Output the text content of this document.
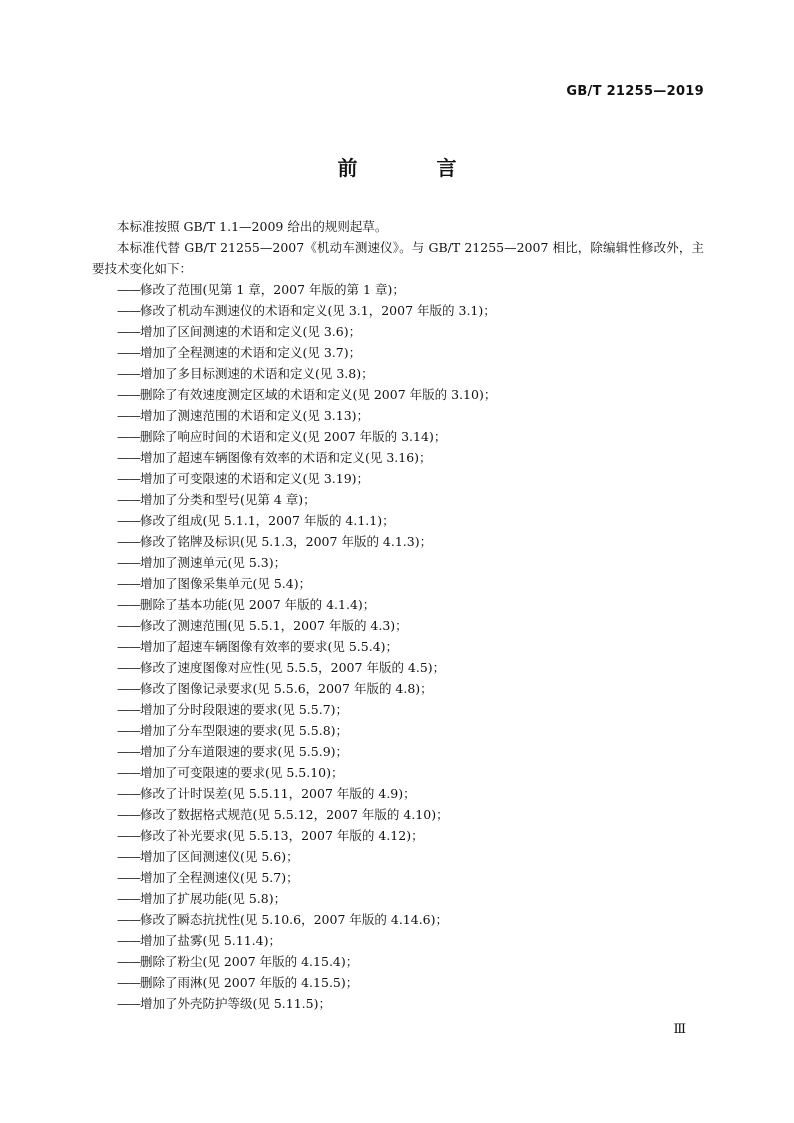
GB/T 21255—2019
前 言

本标准按照 GB/T 1.1—2009 给出的规则起草。

本标准代替 GB/T 21255—2007《机动车测速仪》。与 GB/T 21255—2007 相比，除编辑性修改外，主要技术变化如下：

——修改了范围(见第 1 章，2007 年版的第 1 章)；

——修改了机动车测速仪的术语和定义(见 3.1，2007 年版的 3.1)；

——增加了区间测速的术语和定义(见 3.6)；

——增加了全程测速的术语和定义(见 3.7)；

——增加了多目标测速的术语和定义(见 3.8)；

——删除了有效速度测定区域的术语和定义(见 2007 年版的 3.10)；

——增加了测速范围的术语和定义(见 3.13)；

——删除了响应时间的术语和定义(见 2007 年版的 3.14)；

——增加了超速车辆图像有效率的术语和定义(见 3.16)；

——增加了可变限速的术语和定义(见 3.19)；

——增加了分类和型号(见第 4 章)；

——修改了组成(见 5.1.1，2007 年版的 4.1.1)；

——修改了铭牌及标识(见 5.1.3，2007 年版的 4.1.3)；

——增加了测速单元(见 5.3)；

——增加了图像采集单元(见 5.4)；

——删除了基本功能(见 2007 年版的 4.1.4)；

——修改了测速范围(见 5.5.1，2007 年版的 4.3)；

——增加了超速车辆图像有效率的要求(见 5.5.4)；

——修改了速度图像对应性(见 5.5.5，2007 年版的 4.5)；

——修改了图像记录要求(见 5.5.6，2007 年版的 4.8)；

——增加了分时段限速的要求(见 5.5.7)；

——增加了分车型限速的要求(见 5.5.8)；

——增加了分车道限速的要求(见 5.5.9)；

——增加了可变限速的要求(见 5.5.10)；

——修改了计时误差(见 5.5.11，2007 年版的 4.9)；

——修改了数据格式规范(见 5.5.12，2007 年版的 4.10)；

——修改了补光要求(见 5.5.13，2007 年版的 4.12)；

——增加了区间测速仪(见 5.6)；

——增加了全程测速仪(见 5.7)；

——增加了扩展功能(见 5.8)；

——修改了瞬态抗扰性(见 5.10.6，2007 年版的 4.14.6)；

——增加了盐雾(见 5.11.4)；

——删除了粉尘(见 2007 年版的 4.15.4)；

——删除了雨淋(见 2007 年版的 4.15.5)；

——增加了外壳防护等级(见 5.11.5)；

Ⅲ
